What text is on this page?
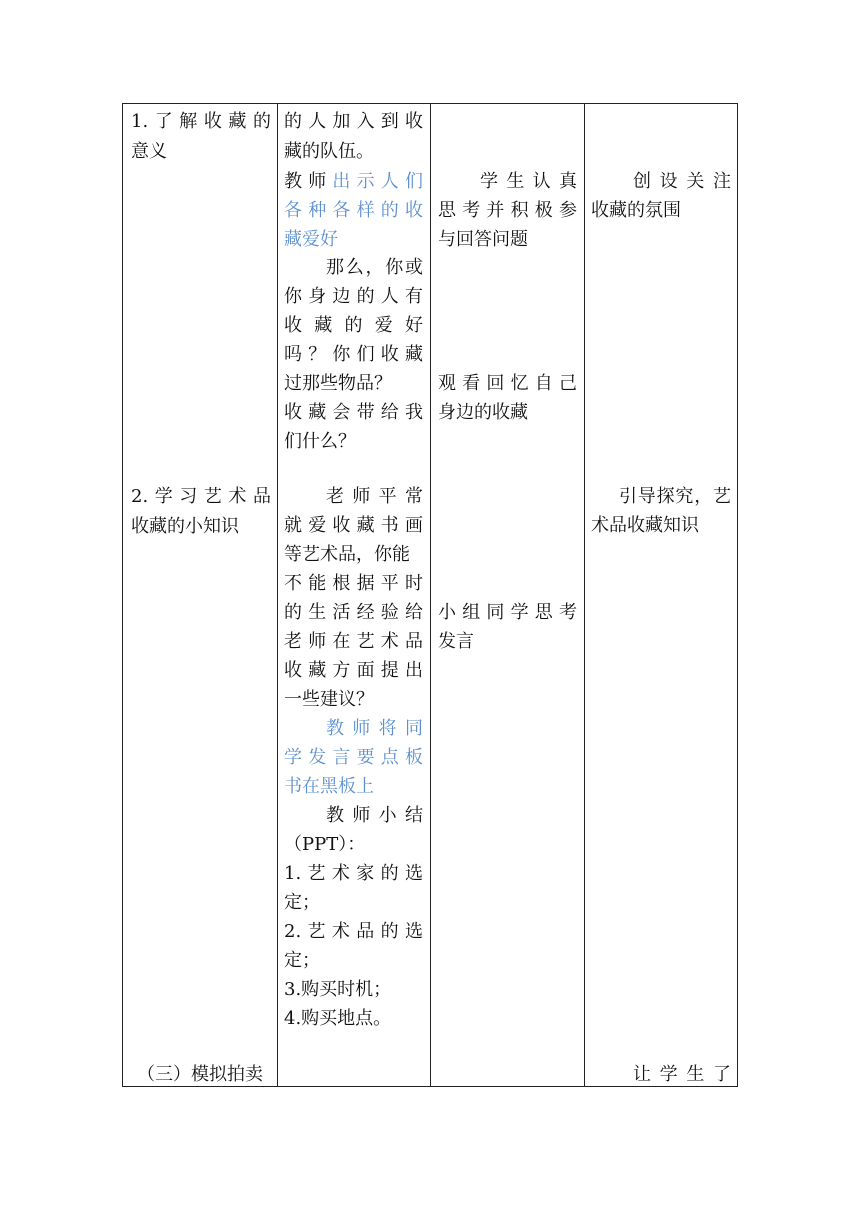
1.了解收藏的
意义
2.学习艺术品
收藏的小知识
（三）模拟拍卖
的人加入到收
藏的队伍。
教师出示人们
各种各样的收
藏爱好
那么，你或
你身边的人有
收藏的爱好
吗？你们收藏
过那些物品？
收藏会带给我
们什么？
老师平常
就爱收藏书画
等艺术品，你能
不能根据平时
的生活经验给
老师在艺术品
收藏方面提出
一些建议？
教师将同
学发言要点板
书在黑板上
教师小结
（PPT）：
1.艺术家的选
定；
2.艺术品的选
定；
3.购买时机；
4.购买地点。
学生认真
思考并积极参
与回答问题
观看回忆自己
身边的收藏
小组同学思考
发言
创设关注
收藏的氛围
引导探究，艺
术品收藏知识
让学生了
